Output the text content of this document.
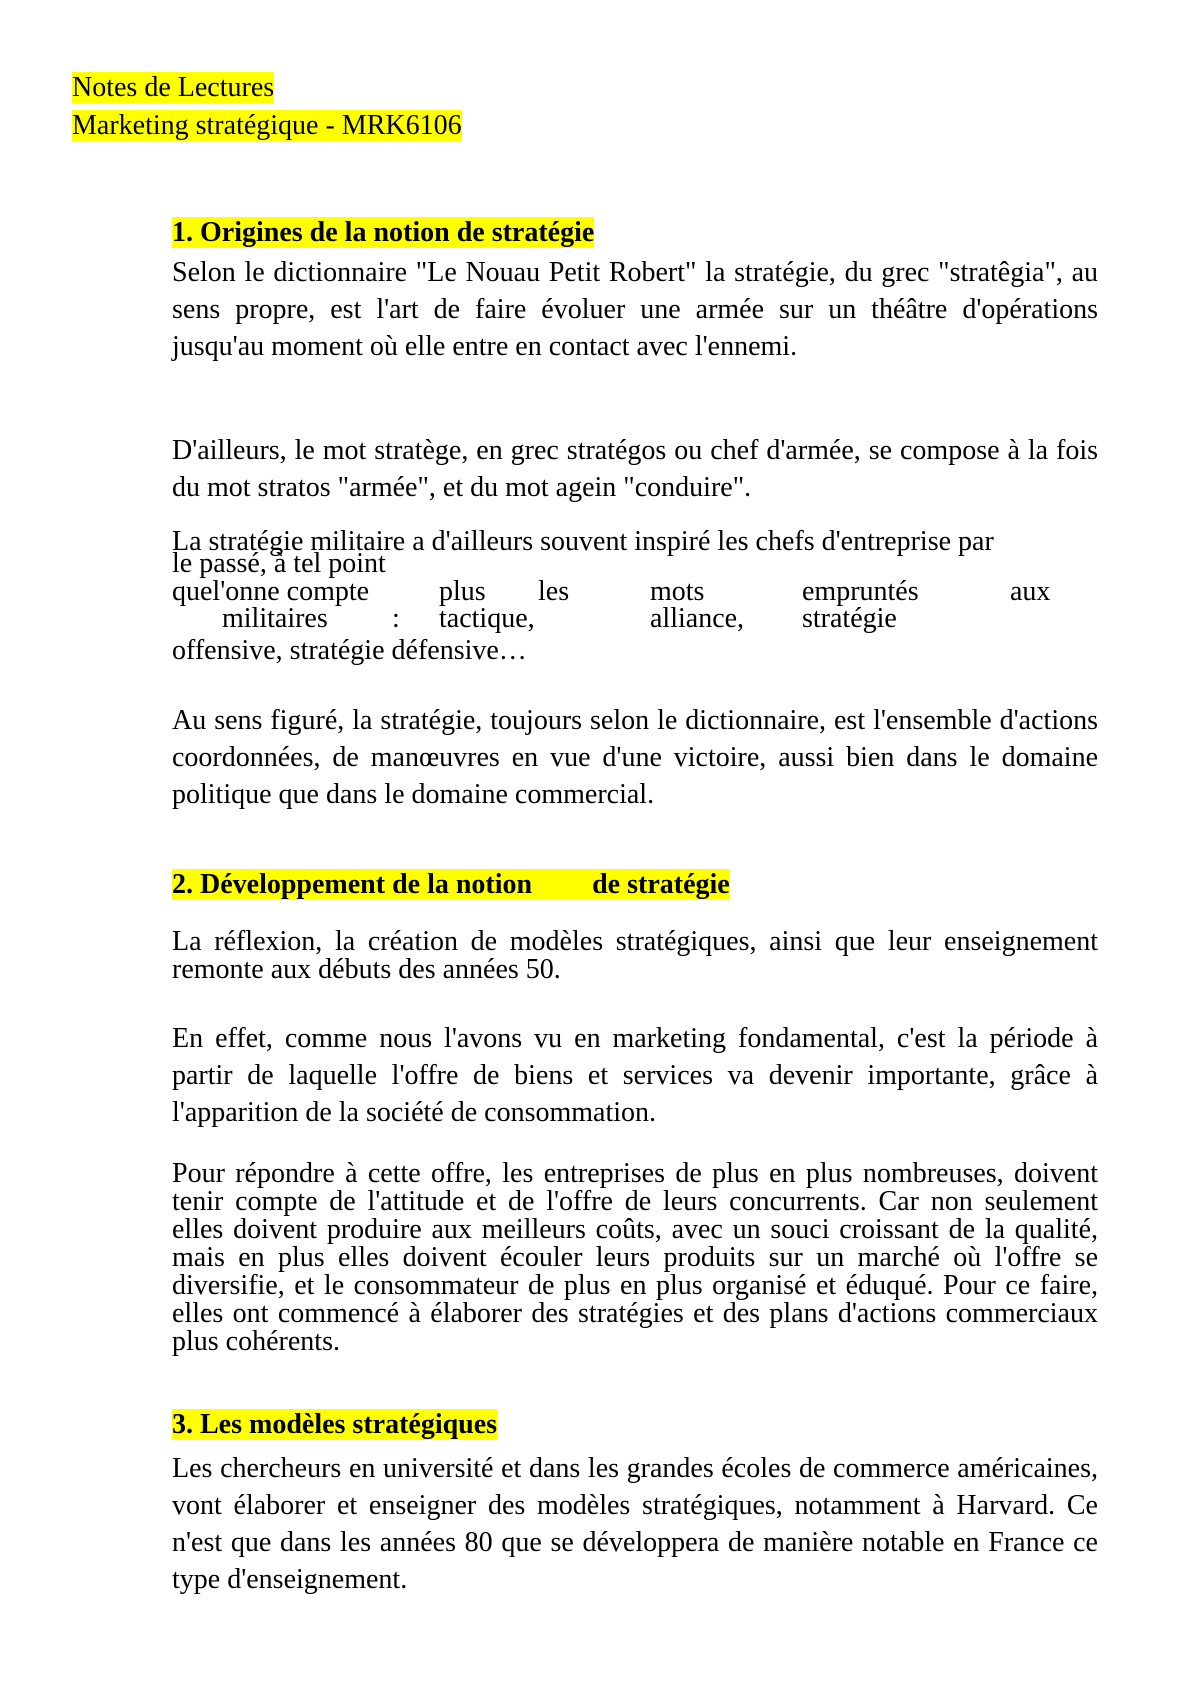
Notes de Lectures
Marketing stratégique - MRK6106
1. Origines de la notion de stratégie

Selon le dictionnaire "Le Nouau Petit Robert" la stratégie, du grec "stratêgia", au sens propre, est l'art de faire évoluer une armée sur un théâtre d'opérations jusqu'au moment où elle entre en contact avec l'ennemi.

D'ailleurs, le mot stratège, en grec stratégos ou chef d'armée, se compose à la fois du mot stratos "armée", et du mot agein "conduire".

La stratégie militaire a d'ailleurs souvent inspiré les chefs d'entreprise par
le passé, à tel point
quel'onne compte plus les	mots	empruntés	aux
militaires : tactique,	alliance, stratégie
offensive, stratégie défensive…

Au sens figuré, la stratégie, toujours selon le dictionnaire, est l'ensemble d'actions coordonnées, de manœuvres en vue d'une victoire, aussi bien dans le domaine politique que dans le domaine commercial.

2. Développement de la notion de stratégie

La réflexion, la création de modèles stratégiques, ainsi que leur enseignement remonte aux débuts des années 50.

En effet, comme nous l'avons vu en marketing fondamental, c'est la période à partir de laquelle l'offre de biens et services va devenir importante, grâce à l'apparition de la société de consommation.

Pour répondre à cette offre, les entreprises de plus en plus nombreuses, doivent tenir compte de l'attitude et de l'offre de leurs concurrents. Car non seulement elles doivent produire aux meilleurs coûts, avec un souci croissant de la qualité, mais en plus elles doivent écouler leurs produits sur un marché où l'offre se diversifie, et le consommateur de plus en plus organisé et éduqué. Pour ce faire, elles ont commencé à élaborer des stratégies et des plans d'actions commerciaux plus cohérents.

3. Les modèles stratégiques

Les chercheurs en université et dans les grandes écoles de commerce américaines, vont élaborer et enseigner des modèles stratégiques, notamment à Harvard. Ce n'est que dans les années 80 que se développera de manière notable en France ce type d'enseignement.
